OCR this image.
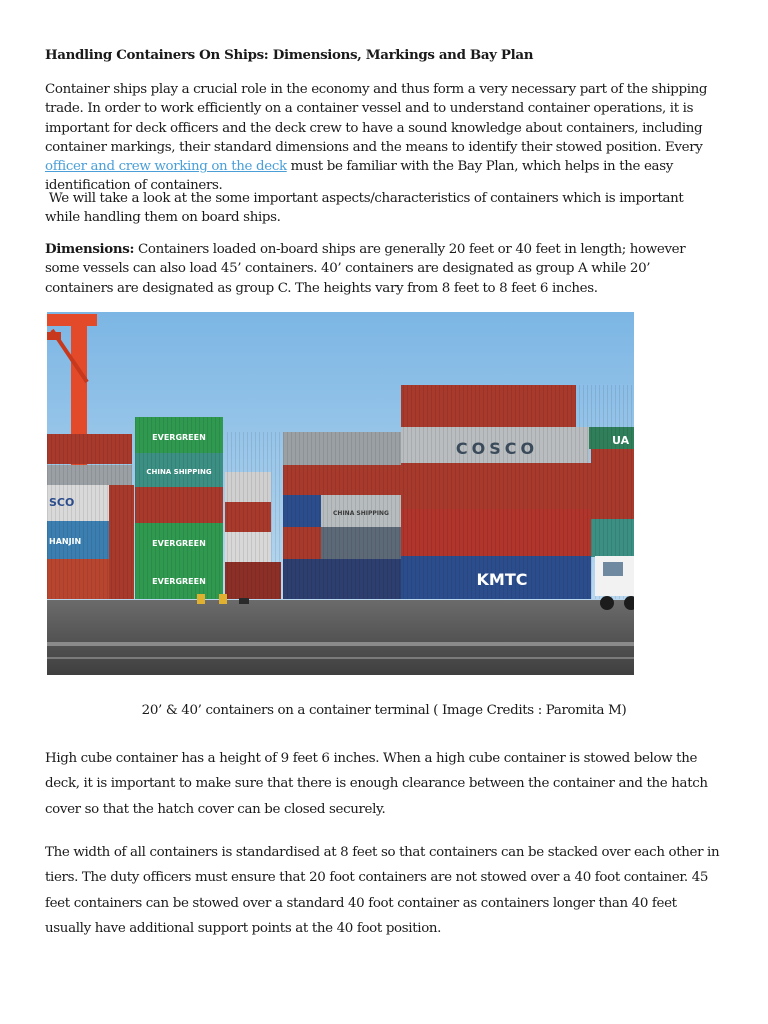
Handling Containers On Ships: Dimensions, Markings and Bay Plan

Container ships play a crucial role in the economy and thus form a very necessary part of the shipping trade. In order to work efficiently on a container vessel and to understand container operations, it is important for deck officers and the deck crew to have a sound knowledge about containers, including container markings, their standard dimensions and the means to identify their stowed position. Every officer and crew working on the deck must be familiar with the Bay Plan, which helps in the easy identification of containers.

We will take a look at the some important aspects/characteristics of containers which is important while handling them on board ships.

Dimensions: Containers loaded on-board ships are generally 20 feet or 40 feet in length; however some vessels can also load 45’ containers. 40’ containers are designated as group A while 20’ containers are designated as group C. The heights vary from 8 feet to 8 feet 6 inches.

High cube container has a height of 9 feet 6 inches. When a high cube container is stowed below the deck, it is important to make sure that there is enough clearance between the container and the hatch cover so that the hatch cover can be closed securely.

The width of all containers is standardised at 8 feet so that containers can be stacked over each other in tiers. The duty officers must ensure that 20 foot containers are not stowed over a 40 foot container. 45 feet containers can be stowed over a standard 40 foot container as containers longer than 40 feet usually have additional support points at the 40 foot position.

EVERGREEN
CHINA SHIPPING
EVERGREEN
EVERGREEN
CHINA SHIPPING
COSCO
KMTC
SCO
HANJIN
UA
20’ & 40’ containers on a container terminal ( Image Credits : Paromita M)
